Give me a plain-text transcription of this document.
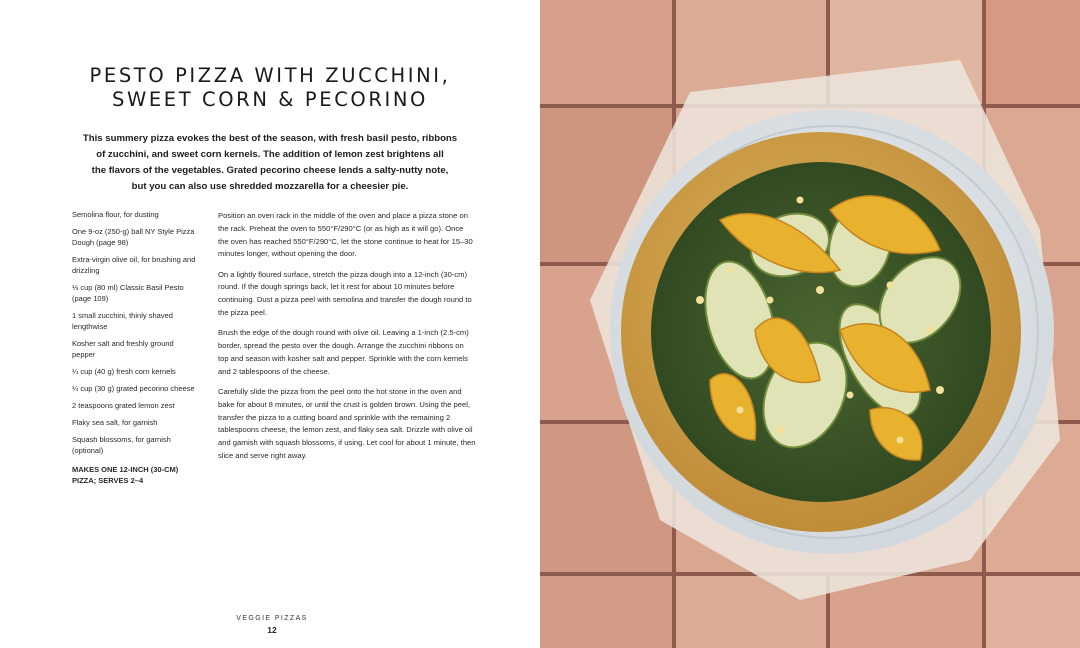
PESTO PIZZA WITH ZUCCHINI,
SWEET CORN & PECORINO
This summery pizza evokes the best of the season, with fresh basil pesto, ribbons
of zucchini, and sweet corn kernels. The addition of lemon zest brightens all
the flavors of the vegetables. Grated pecorino cheese lends a salty-nutty note,
but you can also use shredded mozzarella for a cheesier pie.
Semolina flour, for dusting
One 9-oz (250-g) ball NY Style Pizza Dough (page 98)
Extra-virgin olive oil, for brushing and drizzling
⅓ cup (80 ml) Classic Basil Pesto (page 109)
1 small zucchini, thinly shaved lengthwise
Kosher salt and freshly ground pepper
¼ cup (40 g) fresh corn kernels
¼ cup (30 g) grated pecorino cheese
2 teaspoons grated lemon zest
Flaky sea salt, for garnish
Squash blossoms, for garnish (optional)
MAKES ONE 12-INCH (30-CM) PIZZA; SERVES 2–4

Position an oven rack in the middle of the oven and place a pizza stone on the rack. Preheat the oven to 550°F/290°C (or as high as it will go). Once the oven has reached 550°F/290°C, let the stone continue to heat for 15–30 minutes longer, without opening the door.

On a lightly floured surface, stretch the pizza dough into a 12-inch (30-cm) round. If the dough springs back, let it rest for about 10 minutes before continuing. Dust a pizza peel with semolina and transfer the dough round to the pizza peel.

Brush the edge of the dough round with olive oil. Leaving a 1-inch (2.5-cm) border, spread the pesto over the dough. Arrange the zucchini ribbons on top and season with kosher salt and pepper. Sprinkle with the corn kernels and 2 tablespoons of the cheese.

Carefully slide the pizza from the peel onto the hot stone in the oven and bake for about 8 minutes, or until the crust is golden brown. Using the peel, transfer the pizza to a cutting board and sprinkle with the remaining 2 tablespoons cheese, the lemon zest, and flaky sea salt. Drizzle with olive oil and garnish with squash blossoms, if using. Let cool for about 1 minute, then slice and serve right away.

VEGGIE PIZZAS
12
